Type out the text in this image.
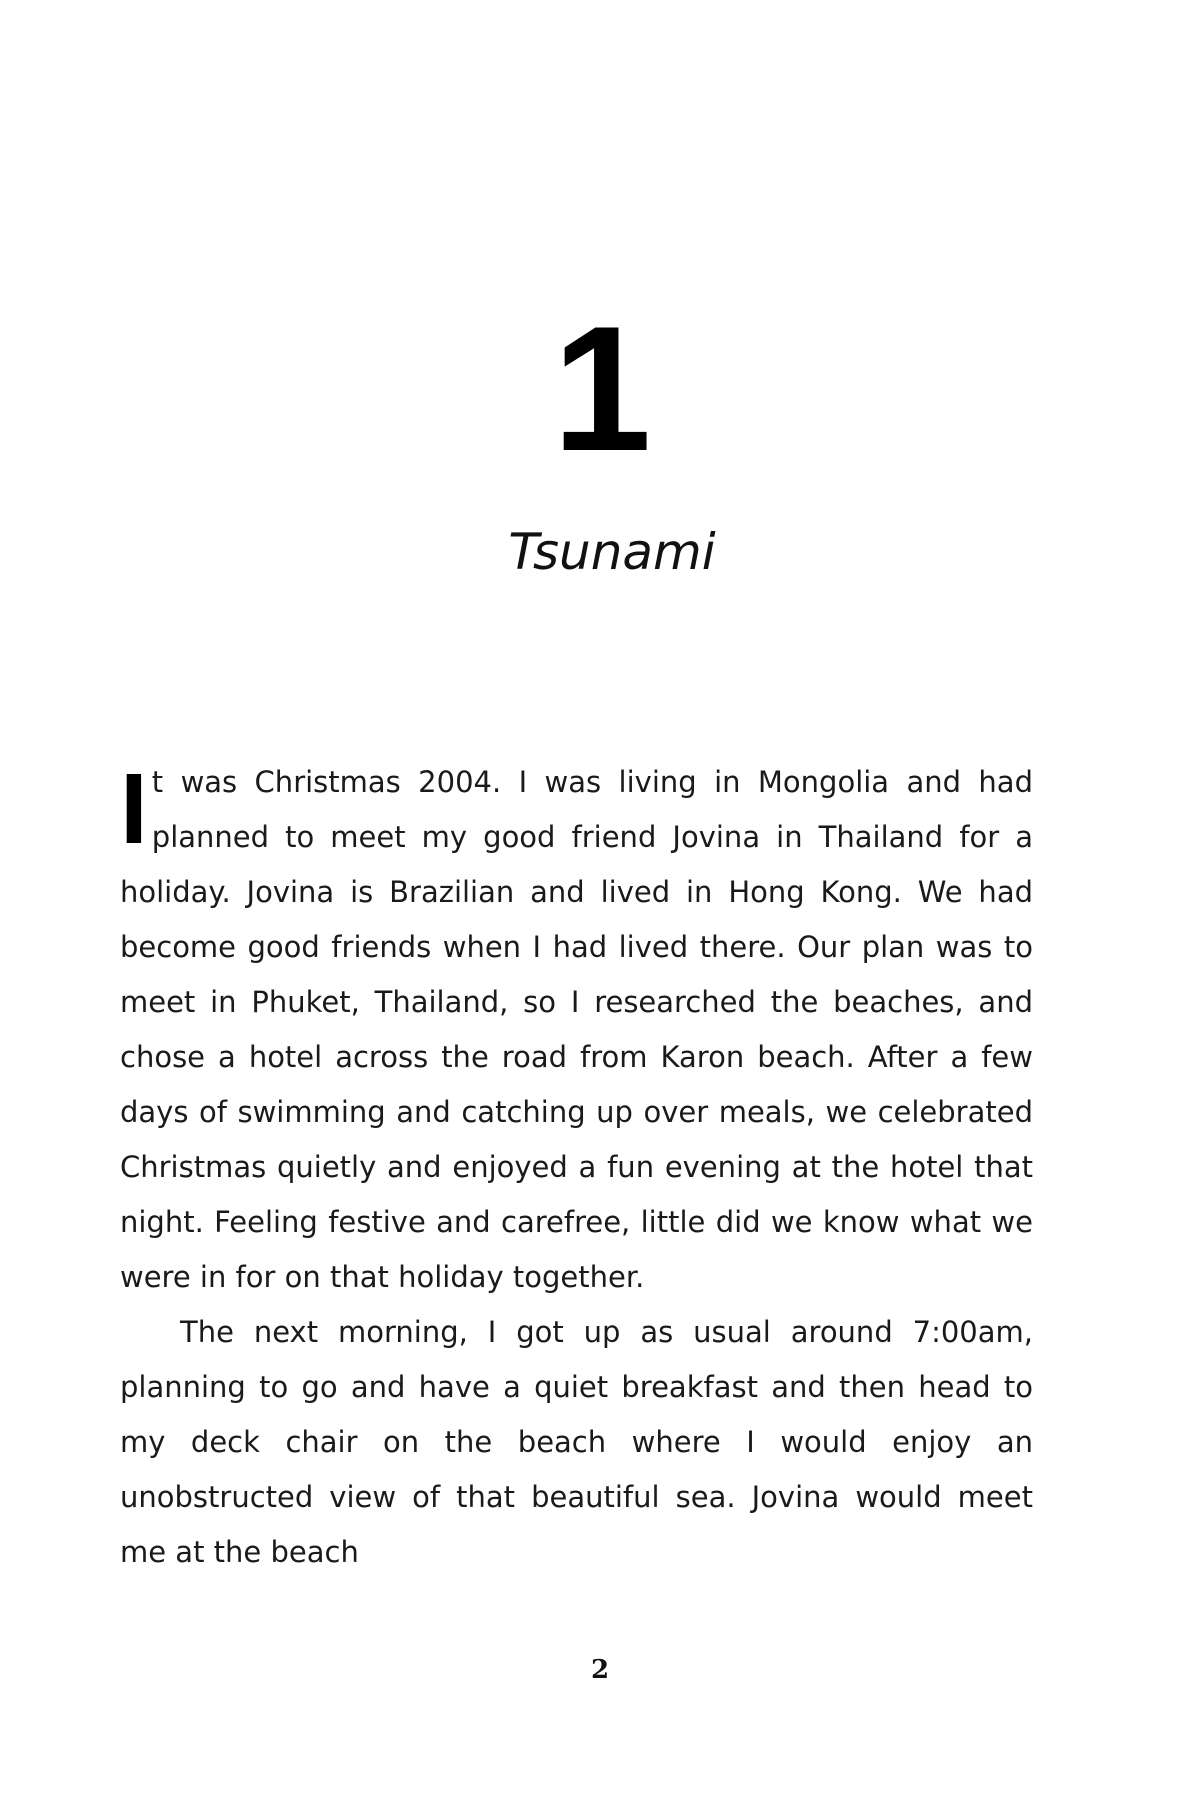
1
Tsunami

It was Christmas 2004. I was living in Mongolia and had planned to meet my good friend Jovina in Thailand for a holiday. Jovina is Brazilian and lived in Hong Kong. We had become good friends when I had lived there. Our plan was to meet in Phuket, Thailand, so I researched the beaches, and chose a hotel across the road from Karon beach. After a few days of swimming and catching up over meals, we celebrated Christmas quietly and enjoyed a fun evening at the hotel that night. Feeling festive and carefree, little did we know what we were in for on that holiday together.

The next morning, I got up as usual around 7:00am, planning to go and have a quiet breakfast and then head to my deck chair on the beach where I would enjoy an unobstructed view of that beautiful sea. Jovina would meet me at the beach

2
